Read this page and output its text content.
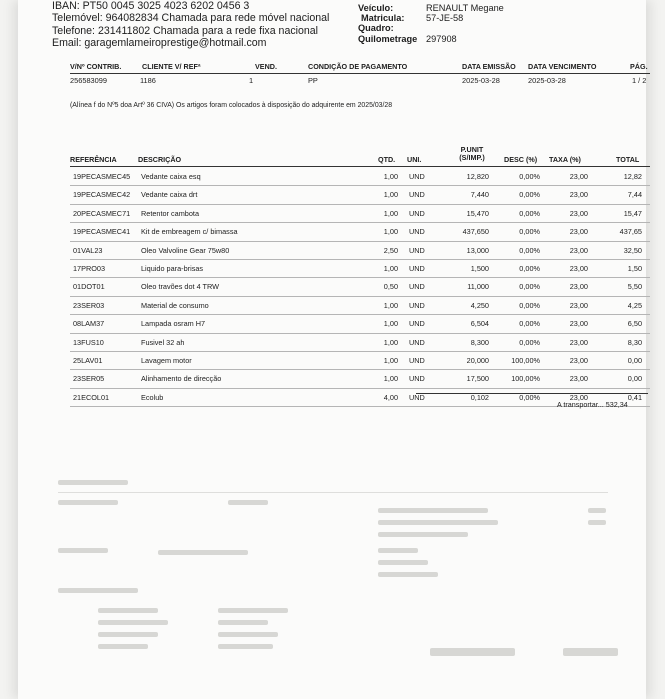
IBAN: PT50 0045 3025 4023 6202 0456 3
Telemóvel: 964082834 Chamada para rede móvel nacional
Telefone: 231411802 Chamada para a rede fixa nacional
Email: garagemlameiroprestige@hotmail.com
Veículo:	RENAULT Megane
Matricula:	57-JE-58
Quadro:
Quilometrage 297908
V/Nº CONTRIB.	CLIENTE V/ REFª	VEND.	CONDIÇÃO DE PAGAMENTO	DATA EMISSÃO DATA VENCIMENTO	PÁG.
256583099	1186	1	PP	2025-03-28	2025-03-28	1 / 2
(Alínea f do Nº5 doa Artº 36 CIVA) Os artigos foram colocados à disposição do adquirente em 2025/03/28
REFERÊNCIA	DESCRIÇÃO	QTD. UNI.
P.UNIT
(S/IMP.)	DESC (%) TAXA (%)	TOTAL
19PECASMEC45 Vedante caixa esq	1,00 UND	12,820	0,00%	23,00	12,82
19PECASMEC42 Vedante caixa drt	1,00 UND	7,440	0,00%	23,00	7,44
20PECASMEC71 Retentor cambota	1,00 UND	15,470	0,00%	23,00	15,47
19PECASMEC41 Kit de embreagem c/ bimassa	1,00 UND	437,650	0,00%	23,00	437,65
01VAL23	Oleo Valvoline Gear 75w80	2,50 UND	13,000	0,00%	23,00	32,50
17PRO03	Liquido para-brisas	1,00 UND	1,500	0,00%	23,00	1,50
01DOT01	Oleo travões dot 4 TRW	0,50 UND	11,000	0,00%	23,00	5,50
23SER03	Material de consumo	1,00 UND	4,250	0,00%	23,00	4,25
08LAM37	Lampada osram H7	1,00 UND	6,504	0,00%	23,00	6,50
13FUS10	Fusivel 32 ah	1,00 UND	8,300	0,00%	23,00	8,30
25LAV01	Lavagem motor	1,00 UND	20,000	100,00%	23,00	0,00
23SER05	Alinhamento de direcção	1,00 UND	17,500	100,00%	23,00	0,00
21ECOL01	Ecolub	4,00 UND	0,102	0,00%	23,00	0,41
A transportar... 532,34
